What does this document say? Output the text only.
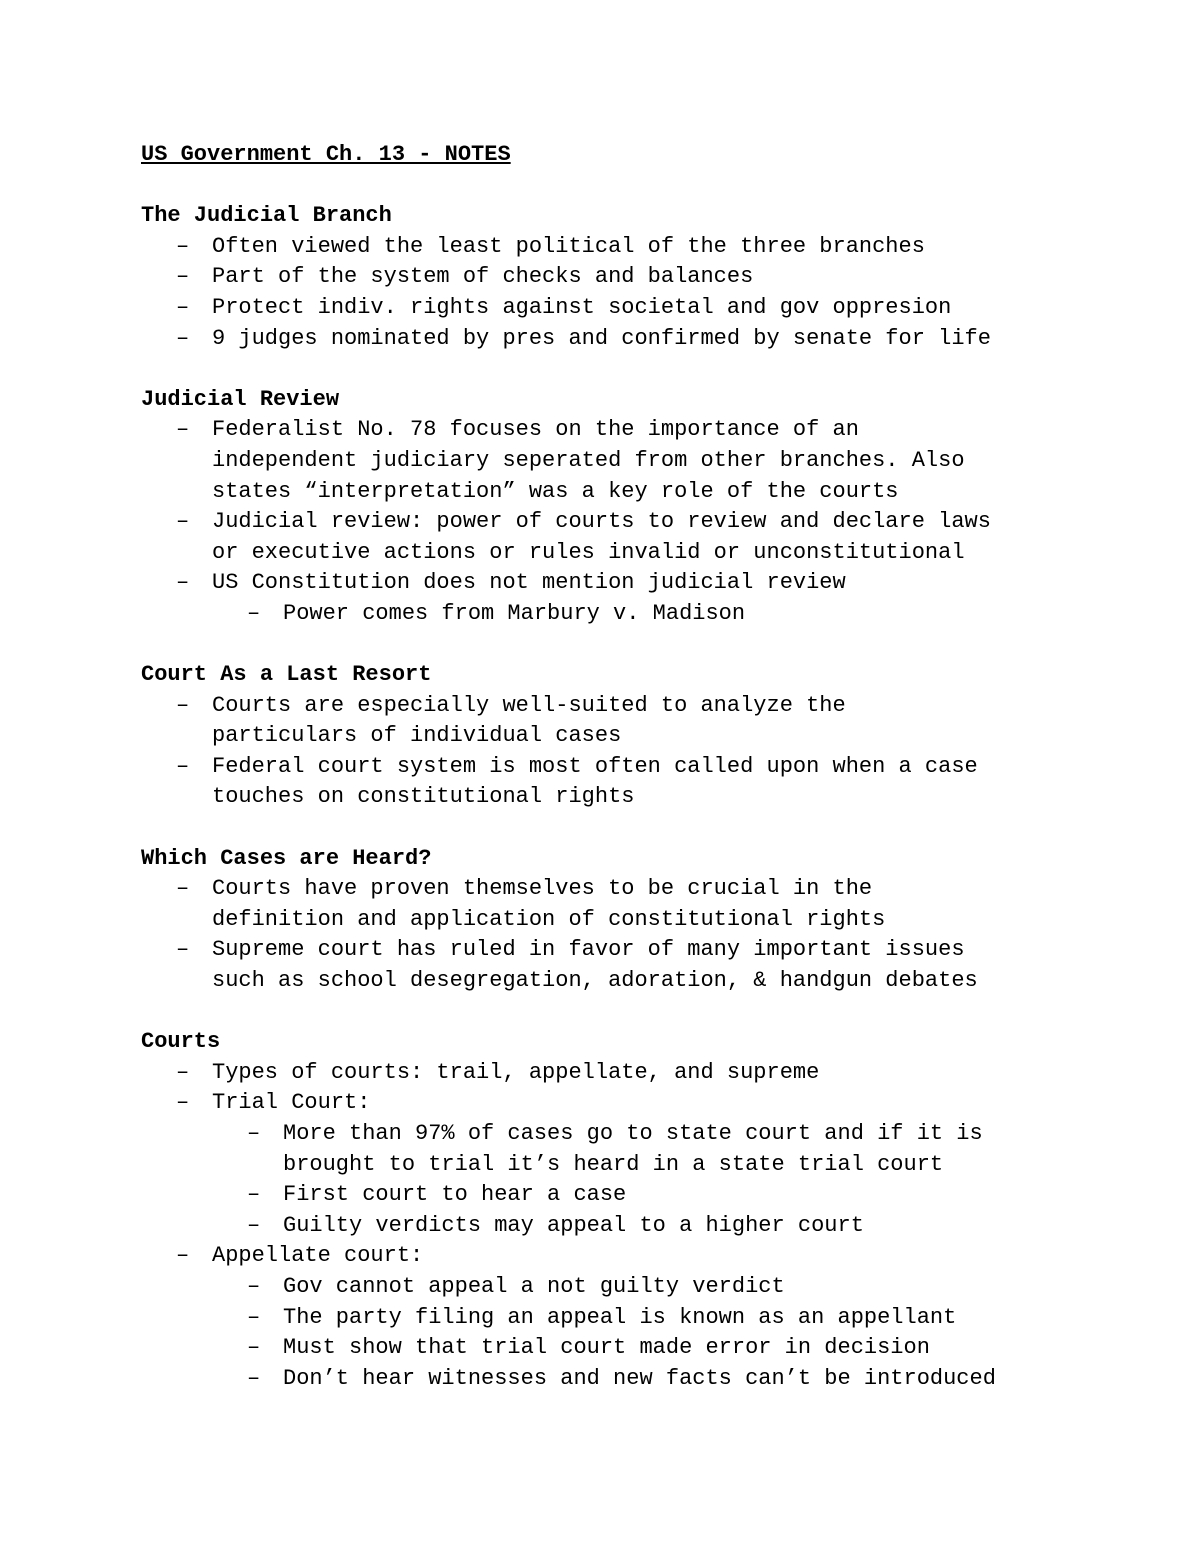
US Government Ch. 13 - NOTES
The Judicial Branch
– Often viewed the least political of the three branches
– Part of the system of checks and balances
– Protect indiv. rights against societal and gov oppresion
– 9 judges nominated by pres and confirmed by senate for life
Judicial Review
– Federalist No. 78 focuses on the importance of an
independent judiciary seperated from other branches. Also
states “interpretation” was a key role of the courts
– Judicial review: power of courts to review and declare laws
or executive actions or rules invalid or unconstitutional
– US Constitution does not mention judicial review
– Power comes from Marbury v. Madison
Court As a Last Resort
– Courts are especially well-suited to analyze the
particulars of individual cases
– Federal court system is most often called upon when a case
touches on constitutional rights
Which Cases are Heard?
– Courts have proven themselves to be crucial in the
definition and application of constitutional rights
– Supreme court has ruled in favor of many important issues
such as school desegregation, adoration, & handgun debates
Courts
– Types of courts: trail, appellate, and supreme
– Trial Court:
– More than 97% of cases go to state court and if it is
brought to trial it’s heard in a state trial court
– First court to hear a case
– Guilty verdicts may appeal to a higher court
– Appellate court:
– Gov cannot appeal a not guilty verdict
– The party filing an appeal is known as an appellant
– Must show that trial court made error in decision
– Don’t hear witnesses and new facts can’t be introduced
